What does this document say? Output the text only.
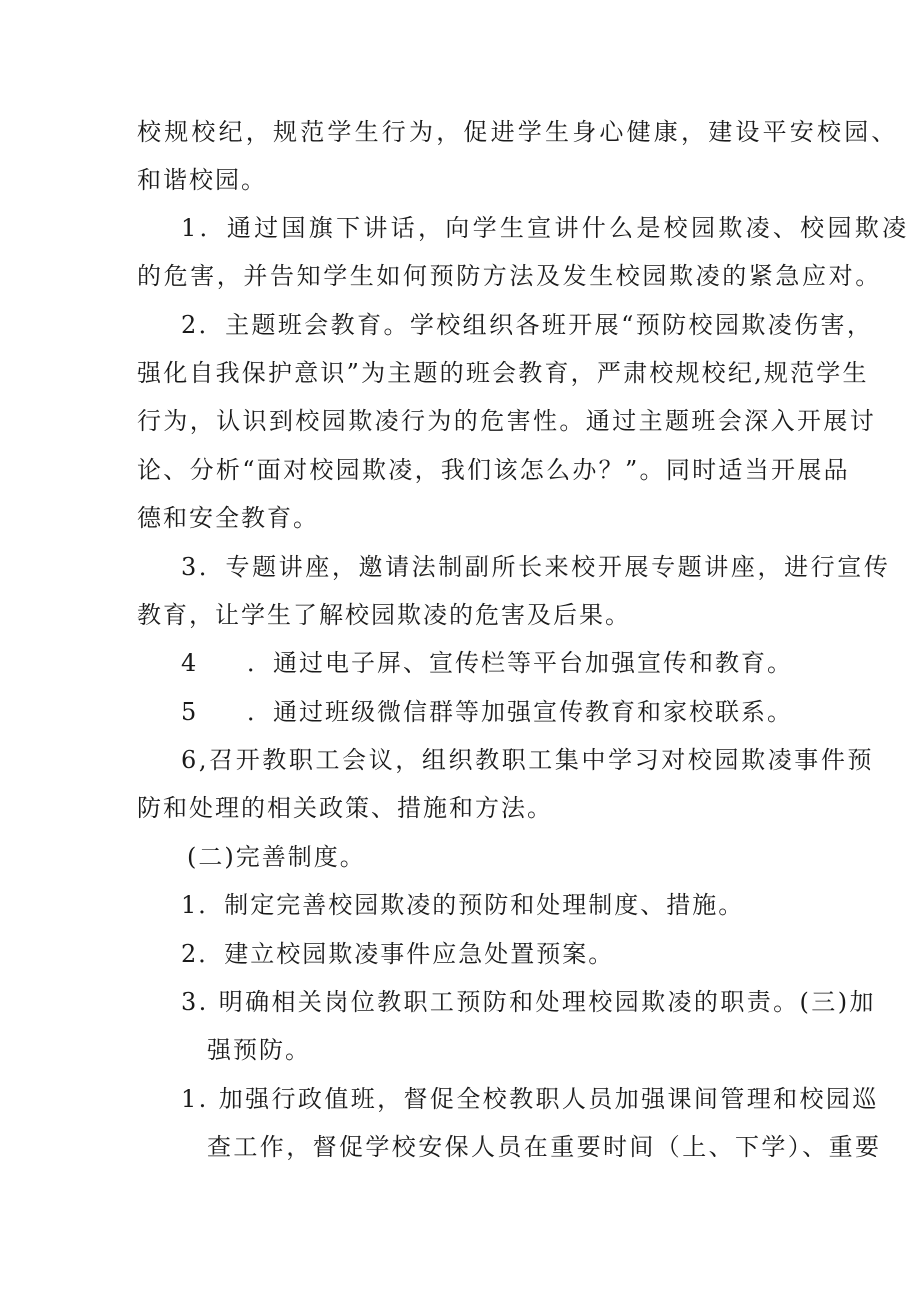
校规校纪，规范学生行为，促进学生身心健康，建设平安校园、
和谐校园。
1．通过国旗下讲话，向学生宣讲什么是校园欺凌、校园欺凌
的危害，并告知学生如何预防方法及发生校园欺凌的紧急应对。
2．主题班会教育。学校组织各班开展“预防校园欺凌伤害，
强化自我保护意识”为主题的班会教育，严肃校规校纪,规范学生
行为，认识到校园欺凌行为的危害性。通过主题班会深入开展讨
论、分析“面对校园欺凌，我们该怎么办？”。同时适当开展品
德和安全教育。
3．专题讲座，邀请法制副所长来校开展专题讲座，进行宣传
教育，让学生了解校园欺凌的危害及后果。
4 ．通过电子屏、宣传栏等平台加强宣传和教育。
5 ．通过班级微信群等加强宣传教育和家校联系。
6,召开教职工会议，组织教职工集中学习对校园欺凌事件预
防和处理的相关政策、措施和方法。
(二)完善制度。
1．制定完善校园欺凌的预防和处理制度、措施。
2．建立校园欺凌事件应急处置预案。
3. 明确相关岗位教职工预防和处理校园欺凌的职责。(三)加
强预防。
1. 加强行政值班，督促全校教职人员加强课间管理和校园巡
查工作，督促学校安保人员在重要时间（上、下学）、重要
